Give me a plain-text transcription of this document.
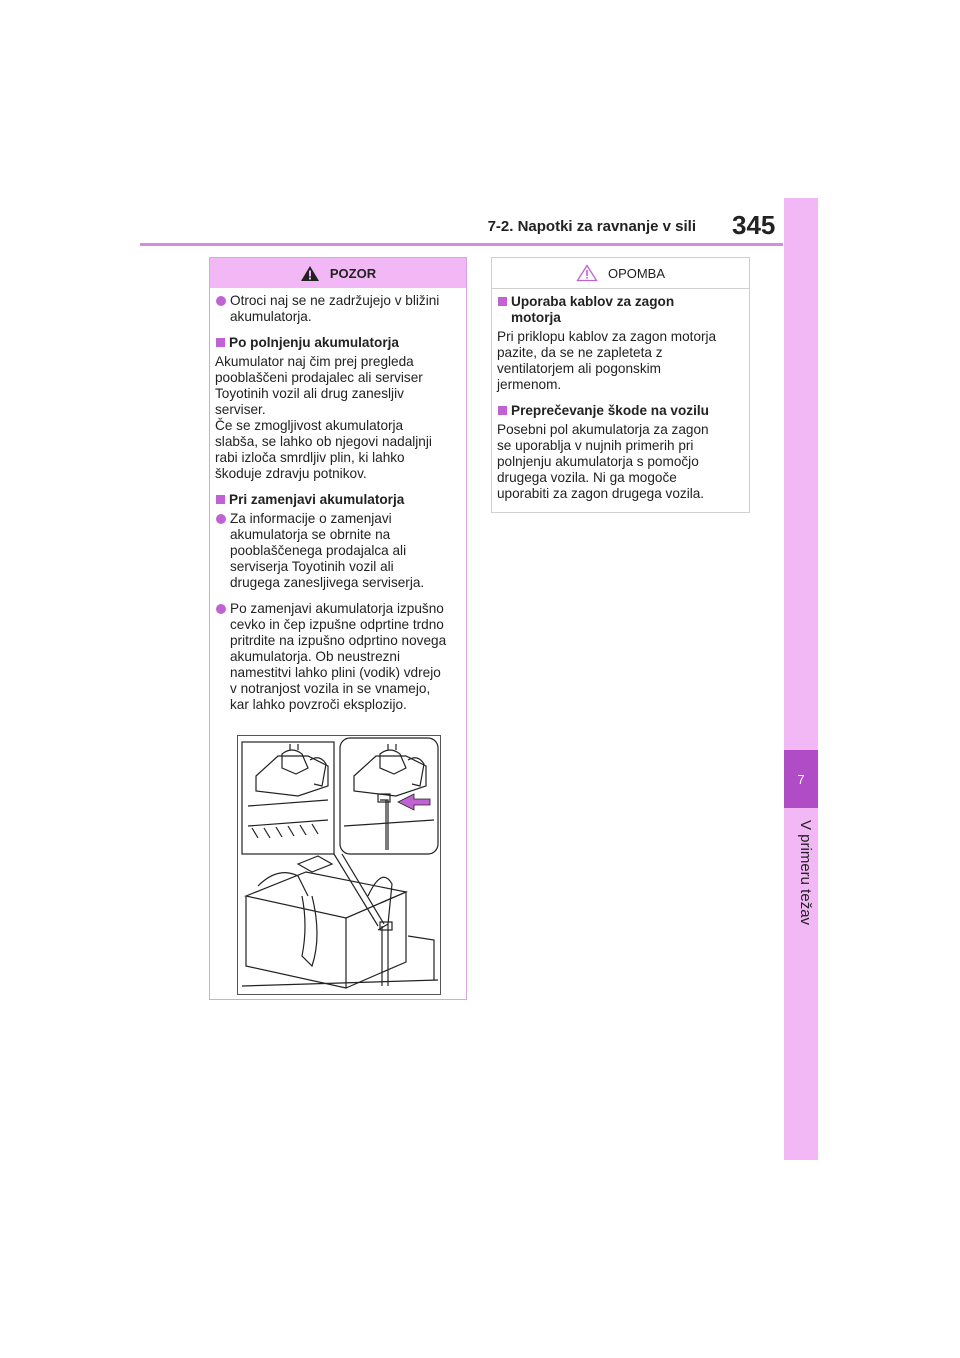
7-2. Napotki za ravnanje v sili 345
7
V primeru težav
POZOR
Otroci naj se ne zadržujejo v bližini
akumulatorja.
Po polnjenju akumulatorja
Akumulator naj čim prej pregleda
pooblaščeni prodajalec ali serviser
Toyotinih vozil ali drug zanesljiv
serviser.
Če se zmogljivost akumulatorja
slabša, se lahko ob njegovi nadaljnji
rabi izloča smrdljiv plin, ki lahko
škoduje zdravju potnikov.
Pri zamenjavi akumulatorja
Za informacije o zamenjavi
akumulatorja se obrnite na
pooblaščenega prodajalca ali
serviserja Toyotinih vozil ali
drugega zanesljivega serviserja.
Po zamenjavi akumulatorja izpušno
cevko in čep izpušne odprtine trdno
pritrdite na izpušno odprtino novega
akumulatorja. Ob neustrezni
namestitvi lahko plini (vodik) vdrejo
v notranjost vozila in se vnamejo,
kar lahko povzroči eksplozijo.
OPOMBA
Uporaba kablov za zagon
motorja
Pri priklopu kablov za zagon motorja
pazite, da se ne zapleteta z
ventilatorjem ali pogonskim
jermenom.
Preprečevanje škode na vozilu
Posebni pol akumulatorja za zagon
se uporablja v nujnih primerih pri
polnjenju akumulatorja s pomočjo
drugega vozila. Ni ga mogoče
uporabiti za zagon drugega vozila.
